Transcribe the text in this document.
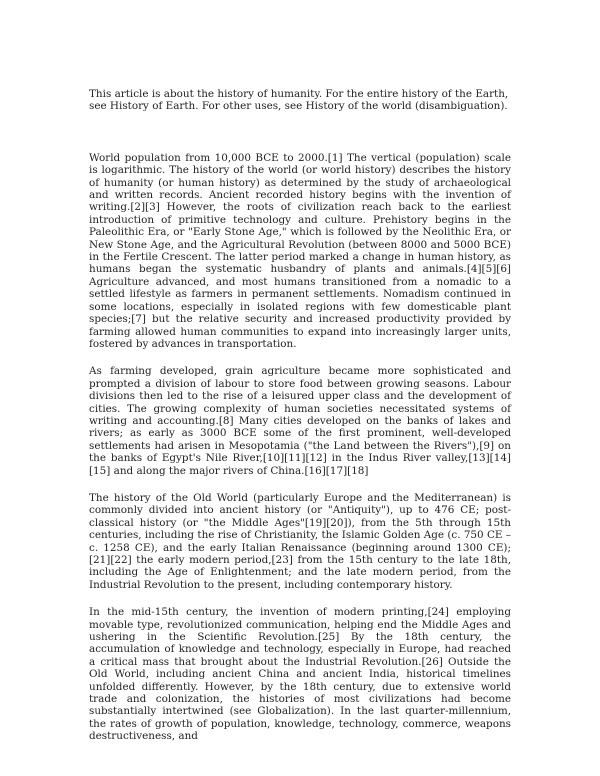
This article is about the history of humanity. For the entire history of the Earth, see History of Earth. For other uses, see History of the world (disambiguation).

World population from 10,000 BCE to 2000.[1] The vertical (population) scale is logarithmic. The history of the world (or world history) describes the history of humanity (or human history) as determined by the study of archaeological and written records. Ancient recorded history begins with the invention of writing.[2][3] However, the roots of civilization reach back to the earliest introduction of primitive technology and culture. Prehistory begins in the Paleolithic Era, or "Early Stone Age," which is followed by the Neolithic Era, or New Stone Age, and the Agricultural Revolution (between 8000 and 5000 BCE) in the Fertile Crescent. The latter period marked a change in human history, as humans began the systematic husbandry of plants and animals.[4][5][6] Agriculture advanced, and most humans transitioned from a nomadic to a settled lifestyle as farmers in permanent settlements. Nomadism continued in some locations, especially in isolated regions with few domesticable plant species;[7] but the relative security and increased productivity provided by farming allowed human communities to expand into increasingly larger units, fostered by advances in transportation.

As farming developed, grain agriculture became more sophisticated and prompted a division of labour to store food between growing seasons. Labour divisions then led to the rise of a leisured upper class and the development of cities. The growing complexity of human societies necessitated systems of writing and accounting.[8] Many cities developed on the banks of lakes and rivers; as early as 3000 BCE some of the first prominent, well-developed settlements had arisen in Mesopotamia ("the Land between the Rivers"),[9] on the banks of Egypt's Nile River,[10][11][12] in the Indus River valley,[13][14][15] and along the major rivers of China.[16][17][18]

The history of the Old World (particularly Europe and the Mediterranean) is commonly divided into ancient history (or "Antiquity"), up to 476 CE; post-classical history (or "the Middle Ages"[19][20]), from the 5th through 15th centuries, including the rise of Christianity, the Islamic Golden Age (c. 750 CE – c. 1258 CE), and the early Italian Renaissance (beginning around 1300 CE);[21][22] the early modern period,[23] from the 15th century to the late 18th, including the Age of Enlightenment; and the late modern period, from the Industrial Revolution to the present, including contemporary history.

In the mid-15th century, the invention of modern printing,[24] employing movable type, revolutionized communication, helping end the Middle Ages and ushering in the Scientific Revolution.[25] By the 18th century, the accumulation of knowledge and technology, especially in Europe, had reached a critical mass that brought about the Industrial Revolution.[26] Outside the Old World, including ancient China and ancient India, historical timelines unfolded differently. However, by the 18th century, due to extensive world trade and colonization, the histories of most civilizations had become substantially intertwined (see Globalization). In the last quarter-millennium, the rates of growth of population, knowledge, technology, commerce, weapons destructiveness, and
